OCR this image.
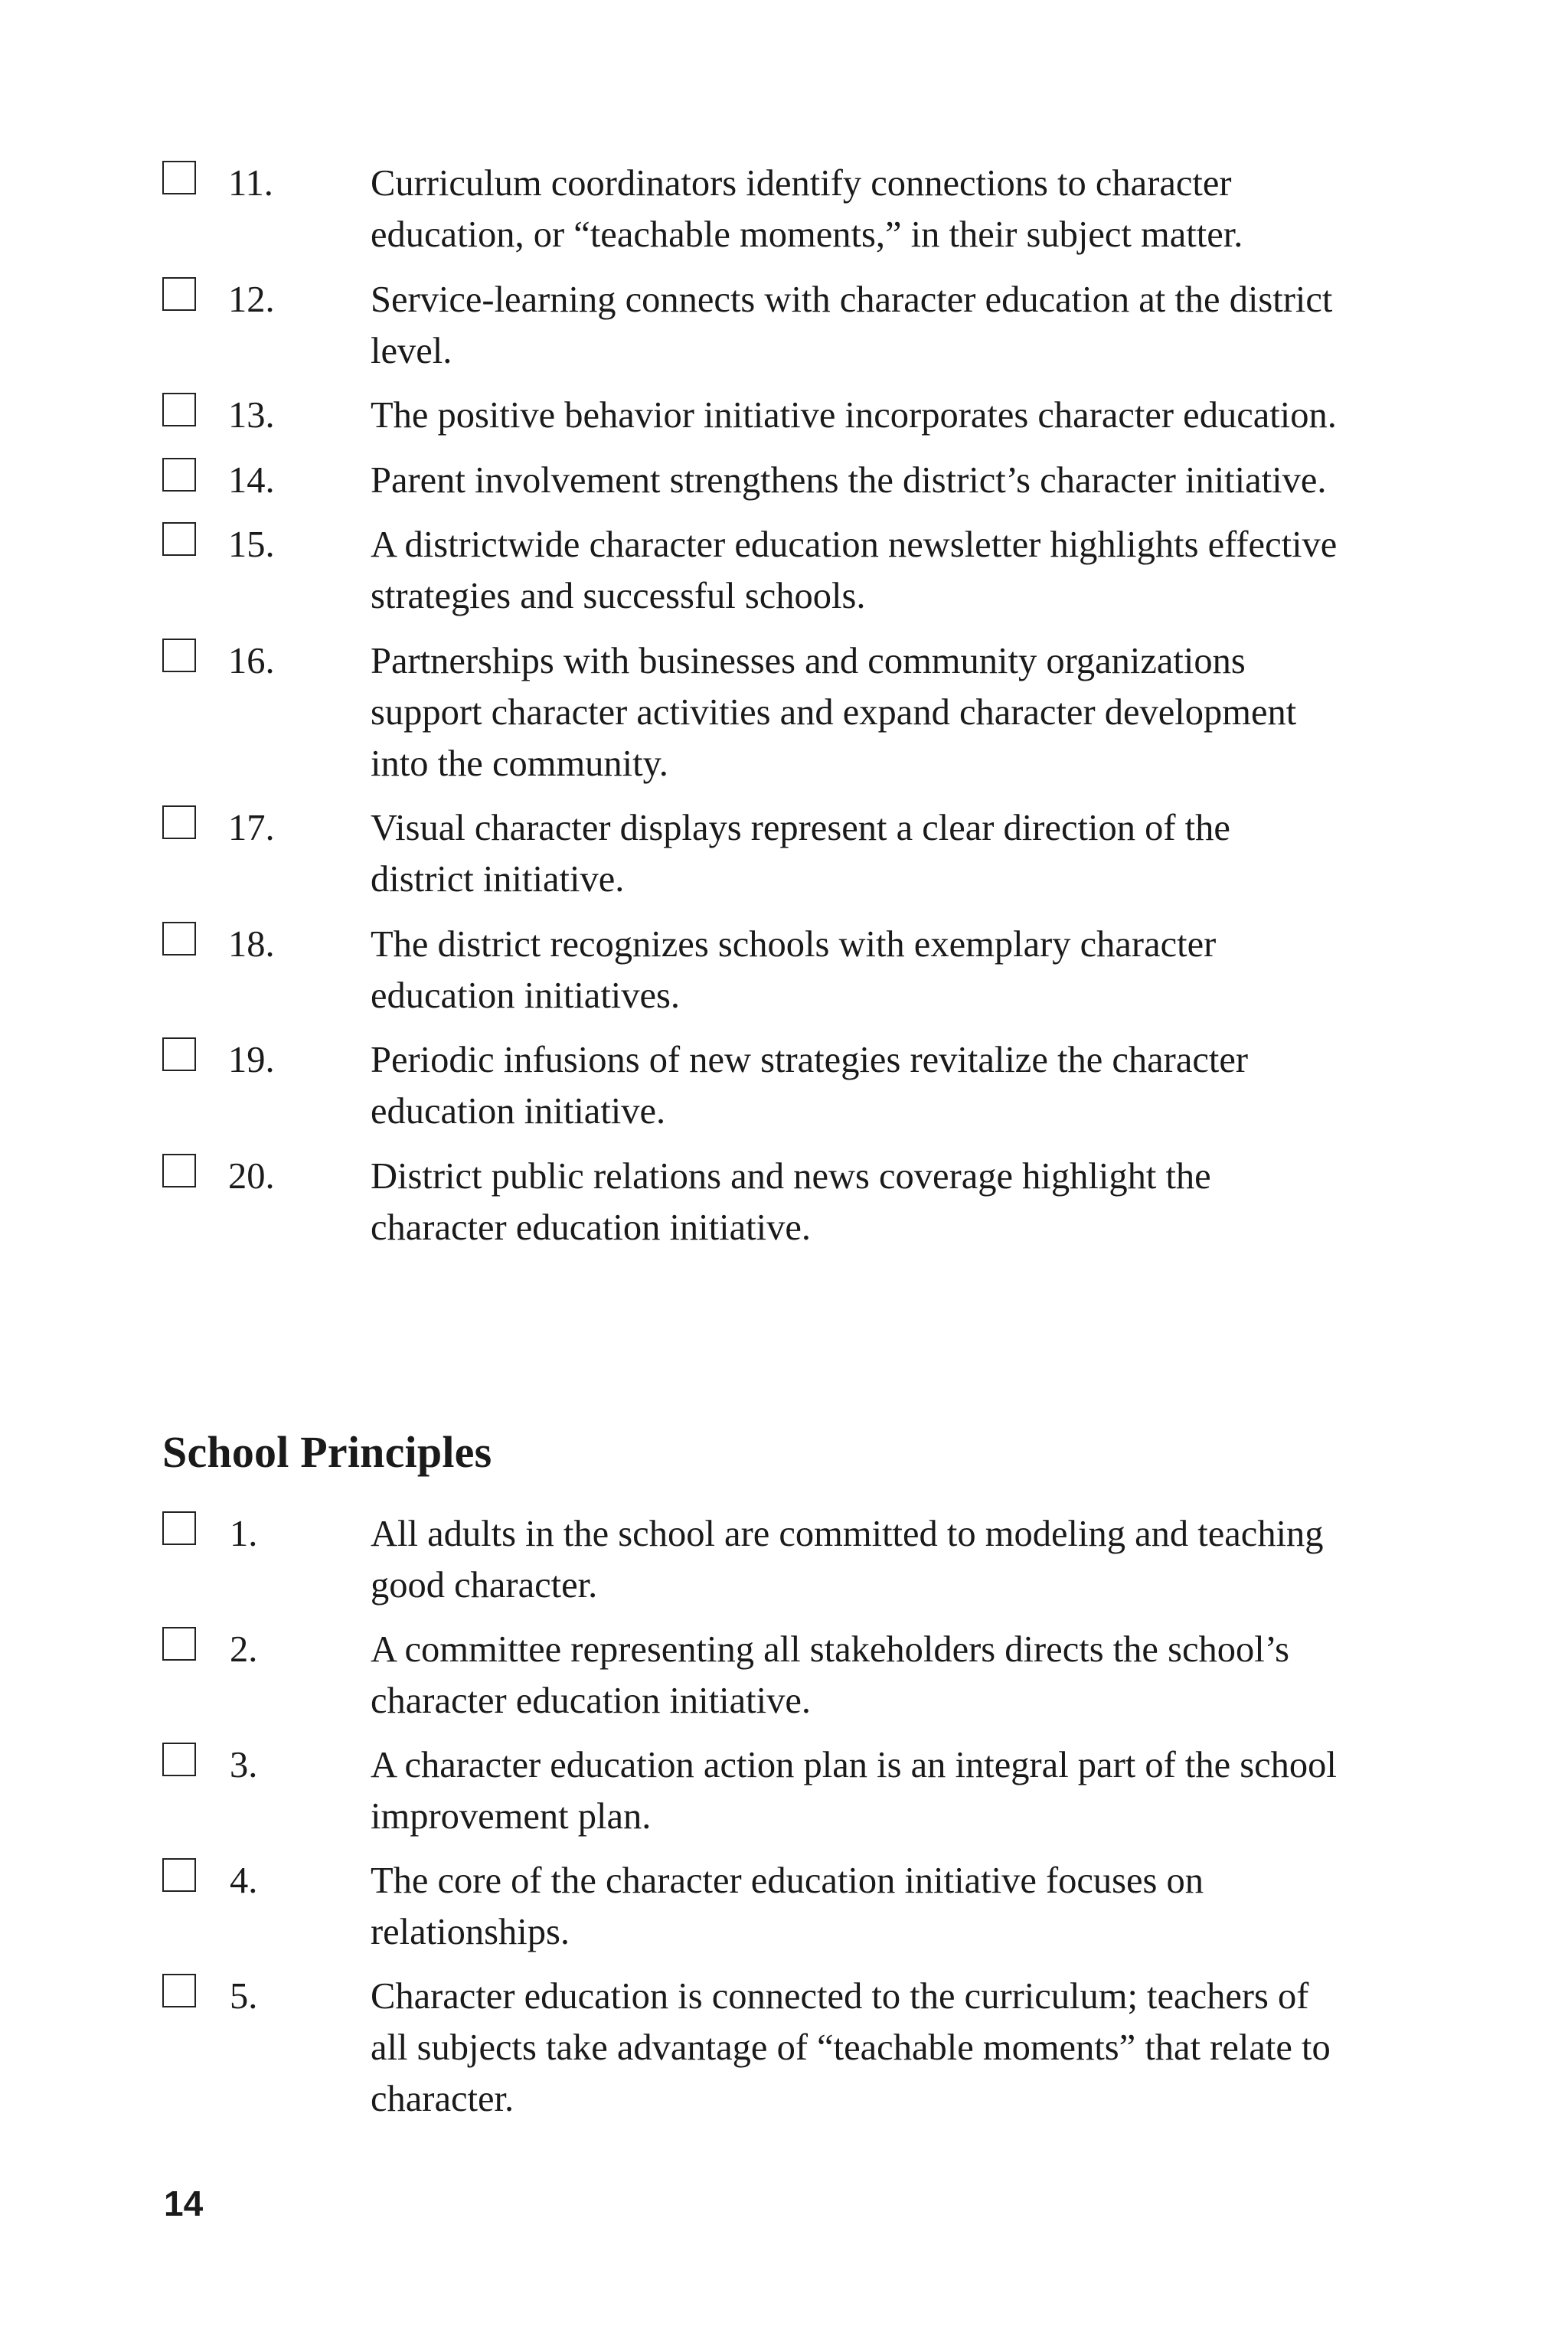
11.	Curriculum coordinators identify connections to character education, or “teachable moments,” in their subject matter.
12.	Service-learning connects with character education at the district level.
13.	The positive behavior initiative incorporates character education.
14.	Parent involvement strengthens the district’s character initiative.
15.	A districtwide character education newsletter highlights effective strategies and successful schools.
16.	Partnerships with businesses and community organizations support character activities and expand character development into the community.
17.	Visual character displays represent a clear direction of the district initiative.
18.	The district recognizes schools with exemplary character education initiatives.
19.	Periodic infusions of new strategies revitalize the character education initiative.
20.	District public relations and news coverage highlight the character education initiative.
School Principles
1.	All adults in the school are committed to modeling and teaching good character.
2.	A committee representing all stakeholders directs the school’s character education initiative.
3.	A character education action plan is an integral part of the school improvement plan.
4.	The core of the character education initiative focuses on relationships.
5.	Character education is connected to the curriculum; teachers of all subjects take advantage of “teachable moments” that relate to character.
14
